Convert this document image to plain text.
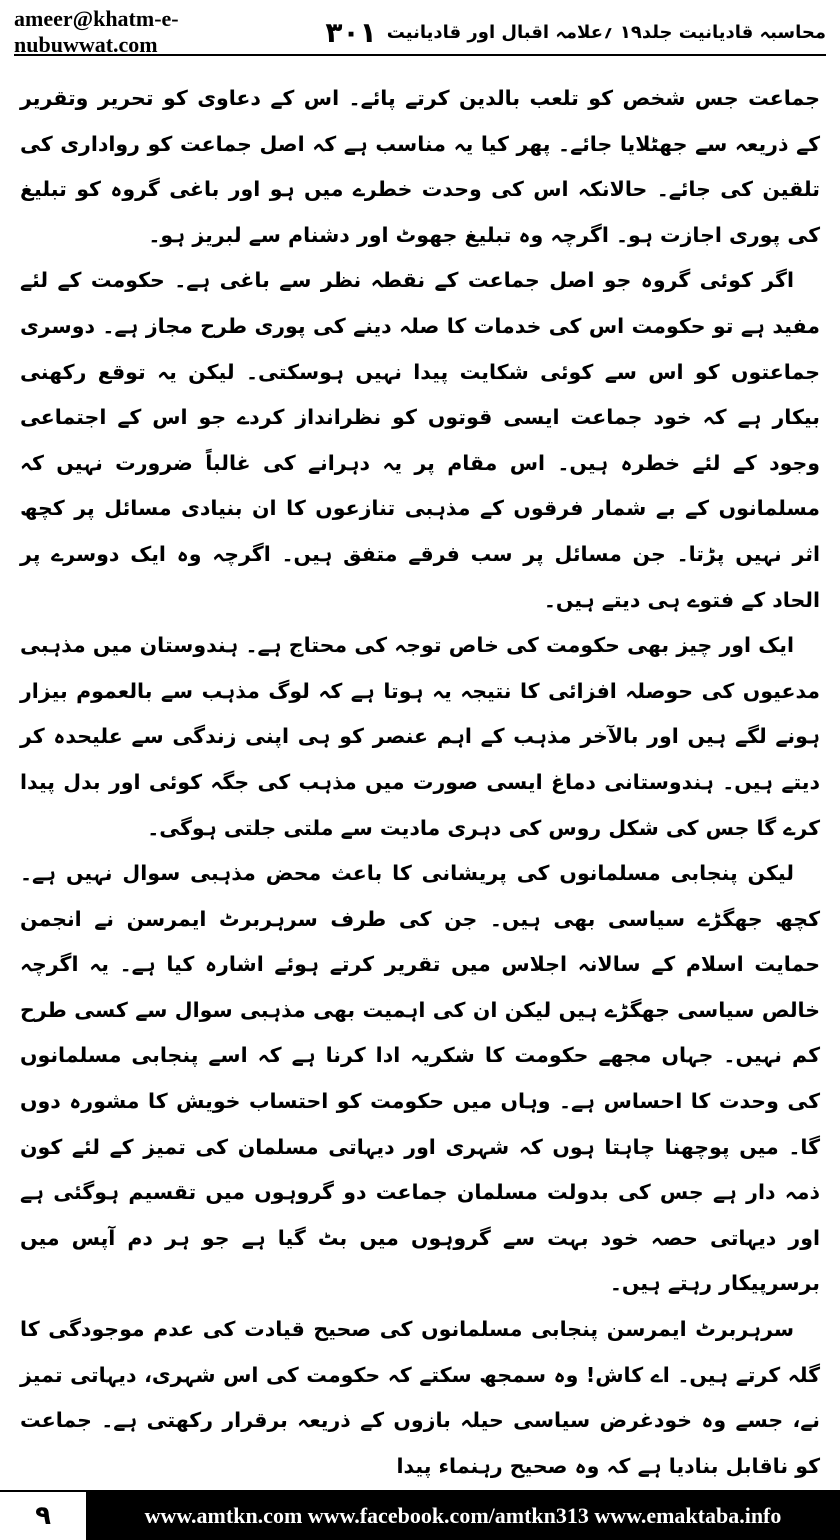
ameer@khatm-e-nubuwwat.com	محاسبہ قادیانیت جلد۱۹ ؍علامہ اقبال اور قادیانیت
۳۰۱

جماعت جس شخص کو تلعب بالدین کرتے پائے۔ اس کے دعاوی کو تحریر وتقریر کے ذریعہ سے جھٹلایا جائے۔ پھر کیا یہ مناسب ہے کہ اصل جماعت کو رواداری کی تلقین کی جائے۔ حالانکہ اس کی وحدت خطرے میں ہو اور باغی گروہ کو تبلیغ کی پوری اجازت ہو۔ اگرچہ وہ تبلیغ جھوٹ اور دشنام سے لبریز ہو۔

اگر کوئی گروہ جو اصل جماعت کے نقطہ نظر سے باغی ہے۔ حکومت کے لئے مفید ہے تو حکومت اس کی خدمات کا صلہ دینے کی پوری طرح مجاز ہے۔ دوسری جماعتوں کو اس سے کوئی شکایت پیدا نہیں ہوسکتی۔ لیکن یہ توقع رکھنی بیکار ہے کہ خود جماعت ایسی قوتوں کو نظرانداز کردے جو اس کے اجتماعی وجود کے لئے خطرہ ہیں۔ اس مقام پر یہ دہرانے کی غالباً ضرورت نہیں کہ مسلمانوں کے بے شمار فرقوں کے مذہبی تنازعوں کا ان بنیادی مسائل پر کچھ اثر نہیں پڑتا۔ جن مسائل پر سب فرقے متفق ہیں۔ اگرچہ وہ ایک دوسرے پر الحاد کے فتوے ہی دیتے ہیں۔

ایک اور چیز بھی حکومت کی خاص توجہ کی محتاج ہے۔ ہندوستان میں مذہبی مدعیوں کی حوصلہ افزائی کا نتیجہ یہ ہوتا ہے کہ لوگ مذہب سے بالعموم بیزار ہونے لگے ہیں اور بالآخر مذہب کے اہم عنصر کو ہی اپنی زندگی سے علیحدہ کر دیتے ہیں۔ ہندوستانی دماغ ایسی صورت میں مذہب کی جگہ کوئی اور بدل پیدا کرے گا جس کی شکل روس کی دہری مادیت سے ملتی جلتی ہوگی۔

لیکن پنجابی مسلمانوں کی پریشانی کا باعث محض مذہبی سوال نہیں ہے۔ کچھ جھگڑے سیاسی بھی ہیں۔ جن کی طرف سرہربرٹ ایمرسن نے انجمن حمایت اسلام کے سالانہ اجلاس میں تقریر کرتے ہوئے اشارہ کیا ہے۔ یہ اگرچہ خالص سیاسی جھگڑے ہیں لیکن ان کی اہمیت بھی مذہبی سوال سے کسی طرح کم نہیں۔ جہاں مجھے حکومت کا شکریہ ادا کرنا ہے کہ اسے پنجابی مسلمانوں کی وحدت کا احساس ہے۔ وہاں میں حکومت کو احتساب خویش کا مشورہ دوں گا۔ میں پوچھنا چاہتا ہوں کہ شہری اور دیہاتی مسلمان کی تمیز کے لئے کون ذمہ دار ہے جس کی بدولت مسلمان جماعت دو گروہوں میں تقسیم ہوگئی ہے اور دیہاتی حصہ خود بہت سے گروہوں میں بٹ گیا ہے جو ہر دم آپس میں برسرپیکار رہتے ہیں۔

سرہربرٹ ایمرسن پنجابی مسلمانوں کی صحیح قیادت کی عدم موجودگی کا گلہ کرتے ہیں۔ اے کاش! وہ سمجھ سکتے کہ حکومت کی اس شہری، دیہاتی تمیز نے، جسے وہ خودغرض سیاسی حیلہ بازوں کے ذریعہ برقرار رکھتی ہے۔ جماعت کو ناقابل بنادیا ہے کہ وہ صحیح رہنماء پیدا

۹	www.amtkn.com www.facebook.com/amtkn313 www.emaktaba.info
